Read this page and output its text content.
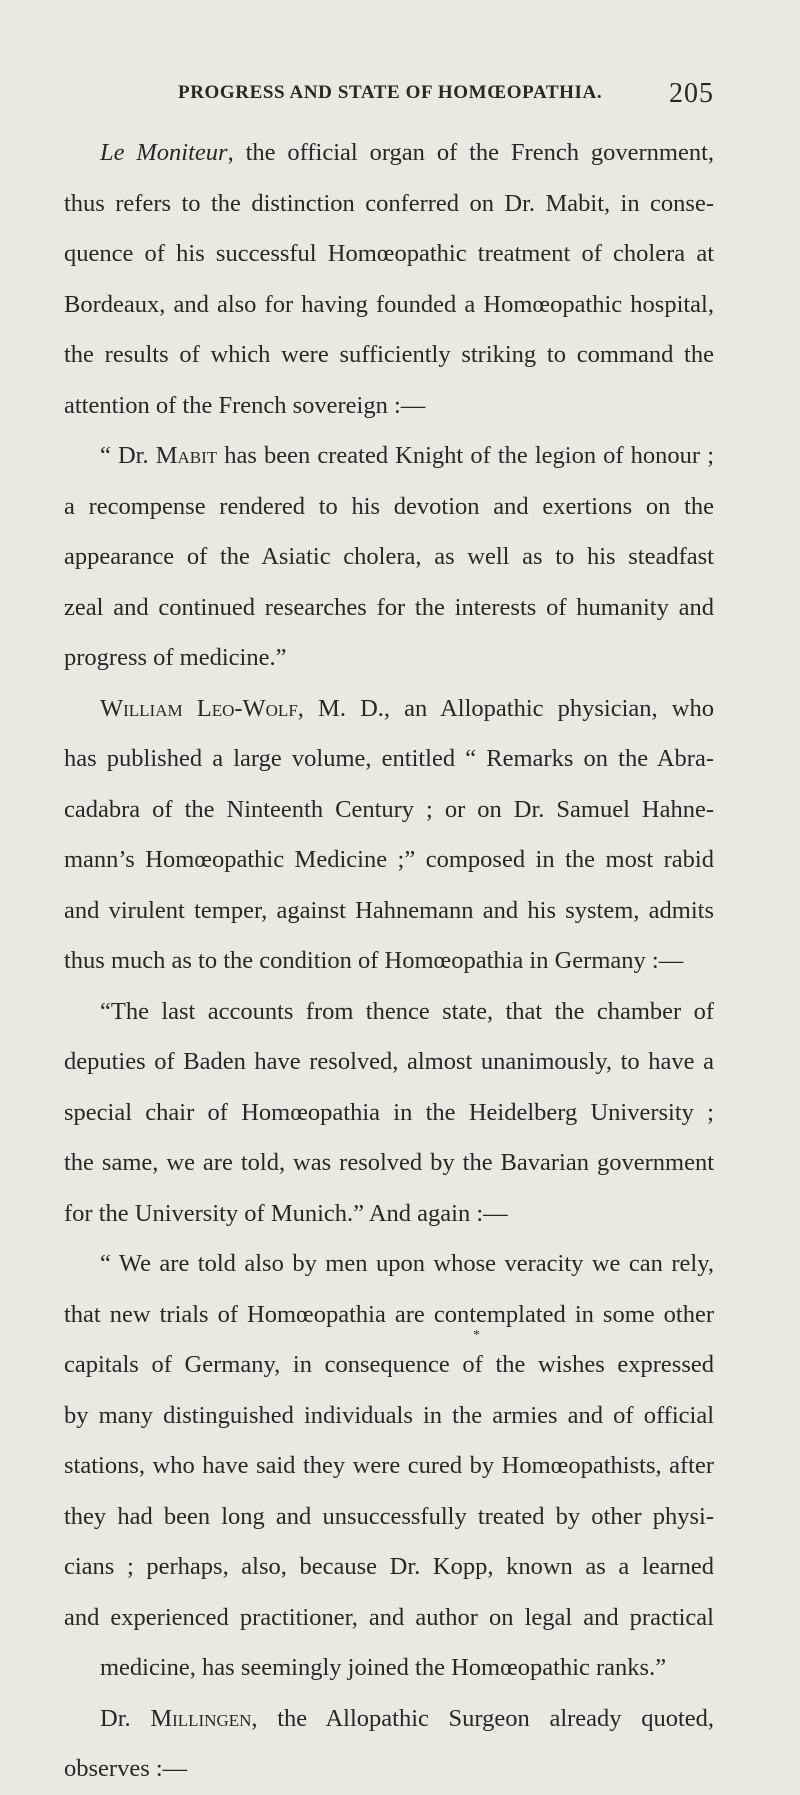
PROGRESS AND STATE OF HOMŒOPATHIA. 205
Le Moniteur, the official organ of the French government,
thus refers to the distinction conferred on Dr. Mabit, in conse-
quence of his successful Homœopathic treatment of cholera at
Bordeaux, and also for having founded a Homœopathic hospital,
the results of which were sufficiently striking to command the
attention of the French sovereign :—
“ Dr. Mabit has been created Knight of the legion of honour ;
a recompense rendered to his devotion and exertions on the
appearance of the Asiatic cholera, as well as to his steadfast
zeal and continued researches for the interests of humanity and
progress of medicine.”
William Leo-Wolf, M. D., an Allopathic physician, who
has published a large volume, entitled “ Remarks on the Abra-
cadabra of the Ninteenth Century ; or on Dr. Samuel Hahne-
mann’s Homœopathic Medicine ;” composed in the most rabid
and virulent temper, against Hahnemann and his system, admits
thus much as to the condition of Homœopathia in Germany :—
“The last accounts from thence state, that the chamber of
deputies of Baden have resolved, almost unanimously, to have a
special chair of Homœopathia in the Heidelberg University ;
the same, we are told, was resolved by the Bavarian government
for the University of Munich.” And again :—
“ We are told also by men upon whose veracity we can rely,
that new trials of Homœopathia are contemplated in some other
capitals of Germany, in consequence of the wishes expressed
by many distinguished individuals in the armies and of official
stations, who have said they were cured by Homœopathists, after
they had been long and unsuccessfully treated by other physi-
cians ; perhaps, also, because Dr. Kopp, known as a learned
and experienced practitioner, and author on legal and practical
medicine, has seemingly joined the Homœopathic ranks.”
Dr. Millingen, the Allopathic Surgeon already quoted,
observes :—
*
